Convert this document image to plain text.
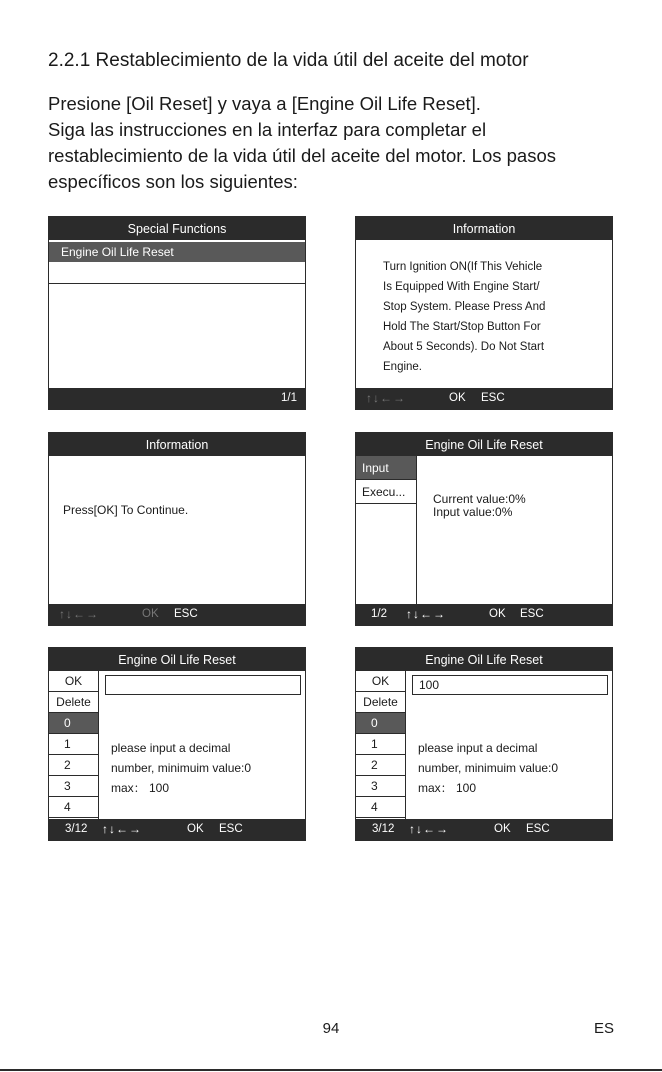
2.2.1 Restablecimiento de la vida útil del aceite del motor
Presione [Oil Reset] y vaya a [Engine Oil Life Reset].
Siga las instrucciones en la interfaz para completar el
restablecimiento de la vida útil del aceite del motor. Los pasos
específicos son los siguientes:
Special Functions
Engine Oil Life Reset
1/1
Information
Turn Ignition ON(If This Vehicle
Is Equipped With Engine Start/
Stop System. Please Press And
Hold The Start/Stop Button For
About 5 Seconds). Do Not Start
Engine.
↑↓←→	OK ESC
Information
Press[OK] To Continue.
↑↓←→	OK ESC
Engine Oil Life Reset
Input
Execu...	Current value:0%
Input value:0%
1/2 ↑↓←→	OK ESC
Engine Oil Life Reset
OK
Delete
0
1
2
3
4
please input a decimal
number, minimuim value:0
max： 100
3/12 ↑↓←→	OK ESC
Engine Oil Life Reset
OK
Delete
0
1
2
3
4
100
please input a decimal
number, minimuim value:0
max： 100
3/12 ↑↓←→	OK ESC
94	ES
